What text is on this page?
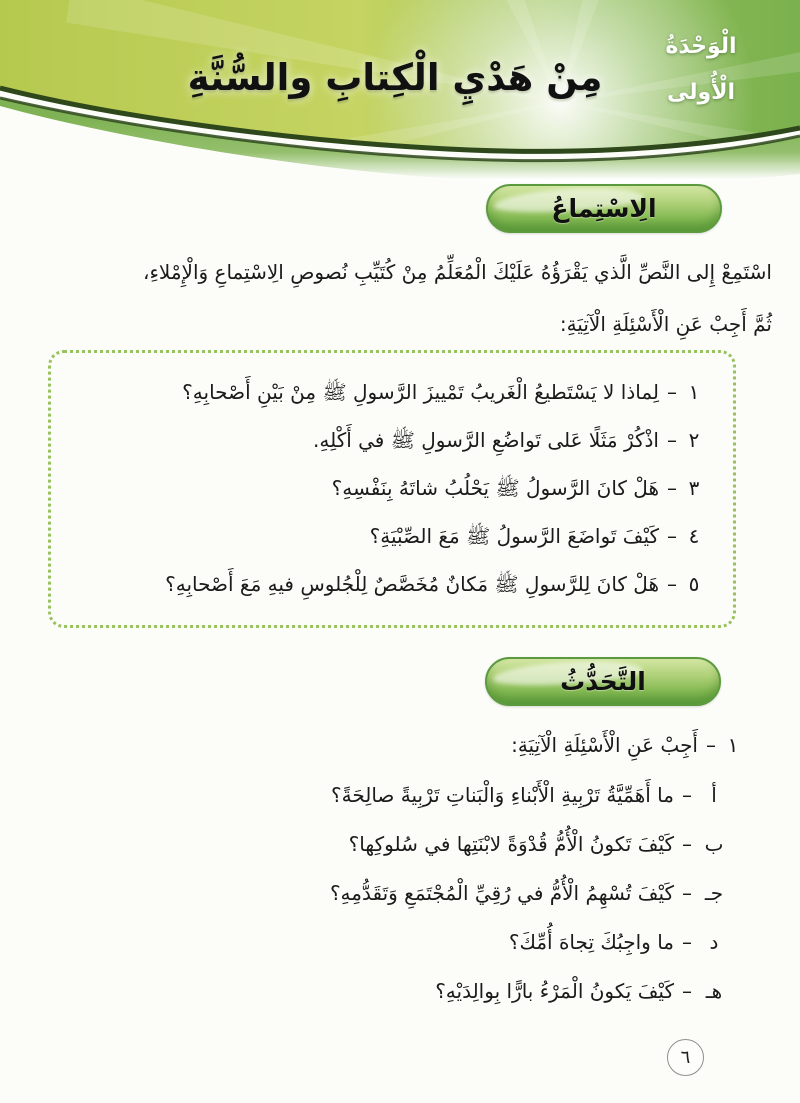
مِنْ هَدْيِ الْكِتابِ والسُّنَّةِ
الْوَحْدَةُ
الْأُولى
الِاسْتِماعُ
اسْتَمِعْ إِلى النَّصِّ الَّذي يَقْرَؤُهُ عَلَيْكَ الْمُعَلِّمُ مِنْ كُتَيِّبِ نُصوصِ الِاسْتِماعِ وَالْإِمْلاءِ،
ثُمَّ أَجِبْ عَنِ الْأَسْئِلَةِ الْآتِيَةِ:
١
–
لِماذا لا يَسْتَطيعُ الْغَريبُ تَمْييزَ الرَّسولِ ﷺ مِنْ بَيْنِ أَصْحابِهِ؟
٢
–
اذْكُرْ مَثَلًا عَلى تَواضُعِ الرَّسولِ ﷺ في أَكْلِهِ.
٣
–
هَلْ كانَ الرَّسولُ ﷺ يَحْلُبُ شاتَهُ بِنَفْسِهِ؟
٤
–
كَيْفَ تَواضَعَ الرَّسولُ ﷺ مَعَ الصِّبْيَةِ؟
٥
–
هَلْ كانَ لِلرَّسولِ ﷺ مَكانٌ مُخَصَّصٌ لِلْجُلوسِ فيهِ مَعَ أَصْحابِهِ؟
التَّحَدُّثُ
١
–
أَجِبْ عَنِ الْأَسْئِلَةِ الْآتِيَةِ:
أ
–
ما أَهَمِّيَّةُ تَرْبِيةِ الْأَبْناءِ وَالْبَناتِ تَرْبِيةً صالِحَةً؟
ب
–
كَيْفَ تَكونُ الْأُمُّ قُدْوَةً لابْنَتِها في سُلوكِها؟
جـ
–
كَيْفَ تُسْهِمُ الْأُمُّ في رُقِيِّ الْمُجْتَمَعِ وَتَقَدُّمِهِ؟
د
–
ما واجِبُكَ تِجاهَ أُمِّكَ؟
هـ
–
كَيْفَ يَكونُ الْمَرْءُ بارًّا بِوالِدَيْهِ؟
٦
